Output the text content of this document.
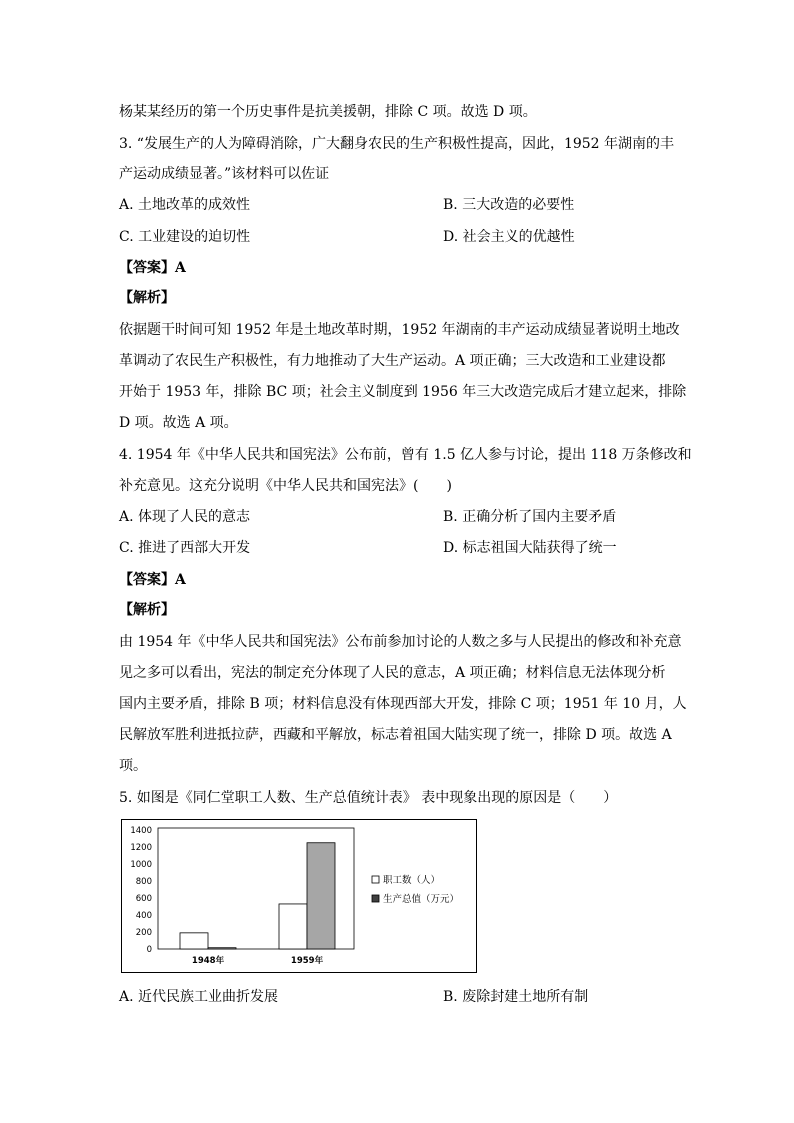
杨某某经历的第一个历史事件是抗美援朝，排除 C 项。故选 D 项。
3. “发展生产的人为障碍消除，广大翻身农民的生产积极性提高，因此，1952 年湖南的丰
产运动成绩显著。”该材料可以佐证
A. 土地改革的成效性	B. 三大改造的必要性
C. 工业建设的迫切性	D. 社会主义的优越性
【答案】A
【解析】
依据题干时间可知 1952 年是土地改革时期，1952 年湖南的丰产运动成绩显著说明土地改
革调动了农民生产积极性，有力地推动了大生产运动。A 项正确；三大改造和工业建设都
开始于 1953 年，排除 BC 项；社会主义制度到 1956 年三大改造完成后才建立起来，排除
D 项。故选 A 项。
4. 1954 年《中华人民共和国宪法》公布前，曾有 1.5 亿人参与讨论，提出 118 万条修改和
补充意见。这充分说明《中华人民共和国宪法》(　　)
A. 体现了人民的意志	B. 正确分析了国内主要矛盾
C. 推进了西部大开发	D. 标志祖国大陆获得了统一
【答案】A
【解析】
由 1954 年《中华人民共和国宪法》公布前参加讨论的人数之多与人民提出的修改和补充意
见之多可以看出，宪法的制定充分体现了人民的意志，A 项正确；材料信息无法体现分析
国内主要矛盾，排除 B 项；材料信息没有体现西部大开发，排除 C 项；1951 年 10 月，人
民解放军胜利进抵拉萨，西藏和平解放，标志着祖国大陆实现了统一，排除 D 项。故选 A
项。
5. 如图是《同仁堂职工人数、生产总值统计表》 表中现象出现的原因是（　　）
0
200
400
600
800
1000
1200
1400
1948年	1959年
职工数（人）
生产总值（万元）
A. 近代民族工业曲折发展	B. 废除封建土地所有制
